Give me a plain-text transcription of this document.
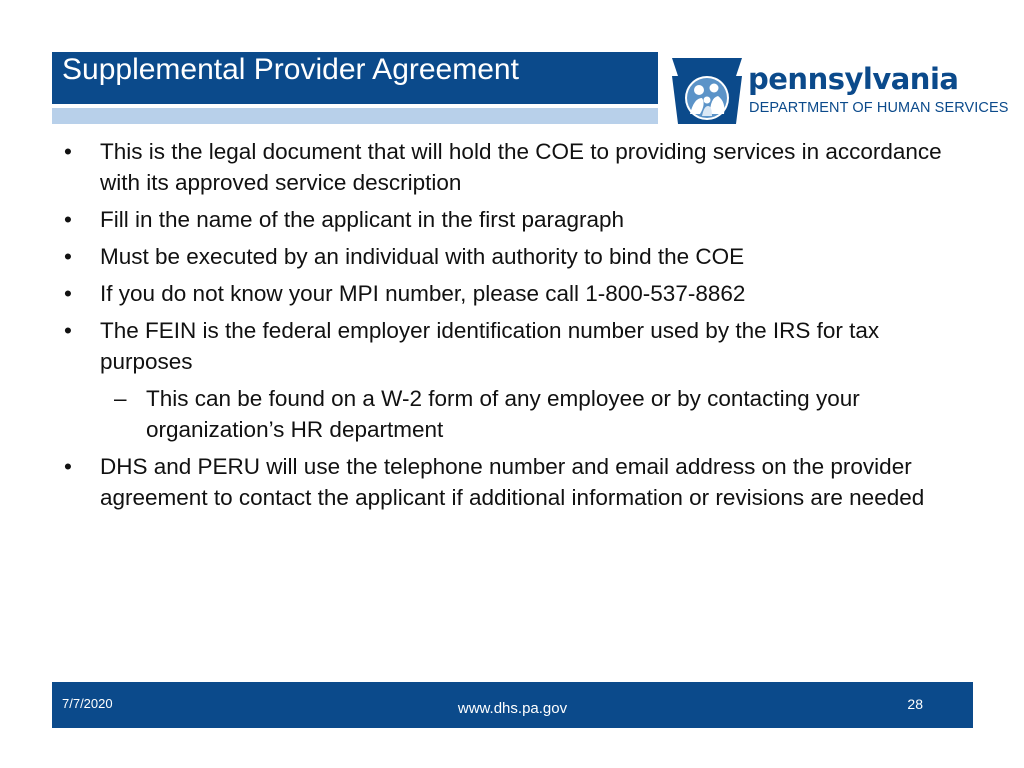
Supplemental Provider Agreement	pennsylvania
DEPARTMENT OF HUMAN SERVICES
• This is the legal document that will hold the COE to providing services in accordance with its approved service description
• Fill in the name of the applicant in the first paragraph
• Must be executed by an individual with authority to bind the COE
• If you do not know your MPI number, please call 1-800-537-8862
• The FEIN is the federal employer identification number used by the IRS for tax purposes
– This can be found on a W-2 form of any employee or by contacting your organization’s HR department
• DHS and PERU will use the telephone number and email address on the provider agreement to contact the applicant if additional information or revisions are needed
7/7/2020	www.dhs.pa.gov	28
